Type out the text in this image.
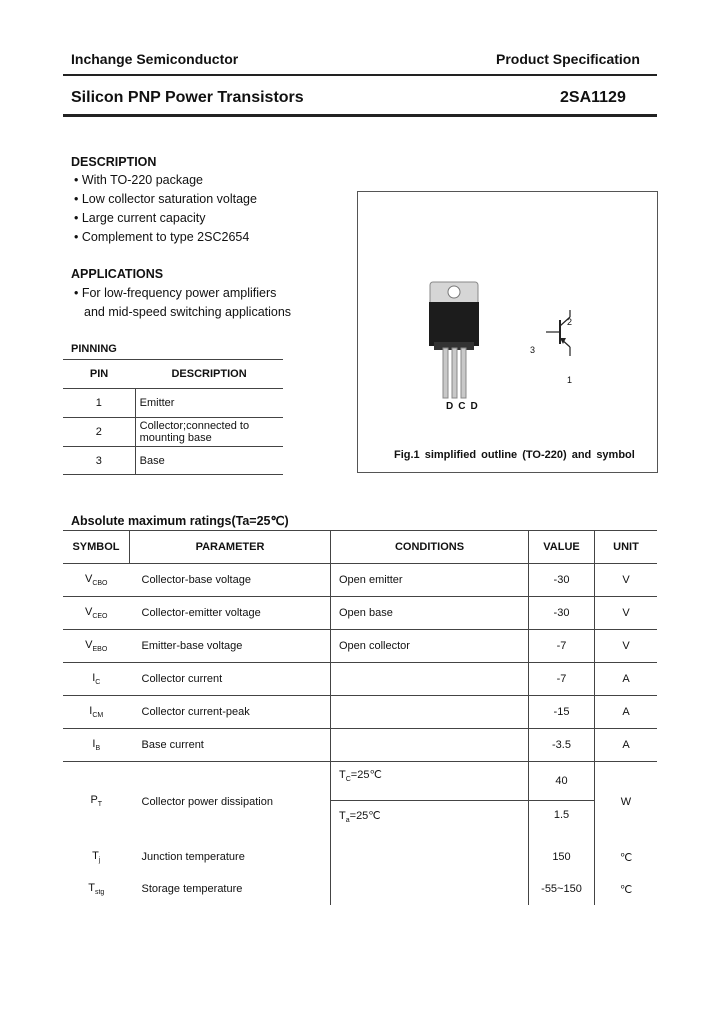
Inchange Semiconductor	Product Specification
Silicon PNP Power Transistors	2SA1129
DESCRIPTION
• With TO-220 package
• Low collector saturation voltage
• Large current capacity
• Complement to type 2SC2654
APPLICATIONS
• For low-frequency power amplifiers
and mid-speed switching applications
PINNING
PIN	DESCRIPTION
1	Emitter
2	Collector;connected to mounting base
3	Base
DCD
2
3
1
Fig.1 simplified outline (TO-220) and symbol
Absolute maximum ratings(Ta=25℃)
SYMBOL	PARAMETER	CONDITIONS	VALUE	UNIT
$V_{CBO}$	Collector-base voltage	Open emitter	-30	V
$V_{CEO}$	Collector-emitter voltage	Open base	-30	V
$V_{EBO}$	Emitter-base voltage	Open collector	-7	V
$I_C$	Collector current		-7	A
$I_{CM}$	Collector current-peak		-15	A
$I_B$	Base current		-3.5	A
$P_T$	Collector power dissipation	$T_C=25℃$	40	W
		$T_a=25℃$	1.5	
$T_j$	Junction temperature		150	℃
$T_{stg}$	Storage temperature		-55~150	℃
